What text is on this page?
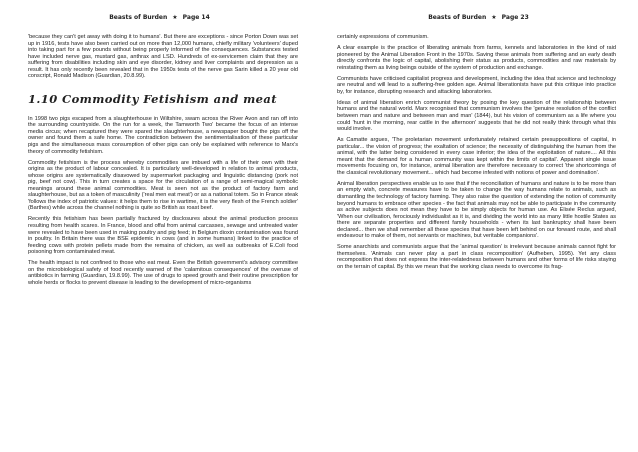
Beasts of Burden ★ Page 14

'because they can't get away with doing it to humans'. But there are exceptions - since Porton Down was set up in 1916, tests have also been carried out on more than 12,000 humans, chiefly military 'volunteers' duped into taking part for a few pounds without being properly informed of the consequences. Substances tested have included nerve gas, mustard gas, anthrax and LSD. Hundreds of ex-servicemen claim that they are suffering from disabilities including skin and eye disorder, kidney and liver complaints and depression as a result. It has only recently been revealed that in the 1950s tests of the nerve gas Sarin killed a 20 year old conscript, Ronald Madison (Guardian, 20.8.99).

1.10 Commodity Fetishism and meat

In 1998 two pigs escaped from a slaughterhouse in Wiltshire, swam across the River Avon and ran off into the surrounding countryside. On the run for a week, the Tamworth Two' became the focus of an intense media circus; when recaptured they were spared the slaughterhouse, a newspaper bought the pigs off the owner and found them a safe home. The contradiction between the sentimentalisation of these particular pigs and the simultaneous mass consumption of other pigs can only be explained with reference to Marx's theory of commodity fetishism.

Commodity fetishism is the process whereby commodities are imbued with a life of their own with their origins as the product of labour concealed. It is particularly well-developed in relation to animal products, whose origins are systematically disavowed by supermarket packaging and linguistic distancing (pork not pig, beef not cow). This in turn creates a space for the circulation of a range of semi-magical symbolic meanings around these animal commodities. Meat is seen not as the product of factory farm and slaughterhouse, but as a token of masculinity ('real men eat meat') or as a national totem. So in France steak 'follows the index of patriotic values: it helps them to rise in wartime, it is the very flesh of the French soldier' (Barthes) while across the channel nothing is quite so British as roast beef.

Recently this fetishism has been partially fractured by disclosures about the animal production process resulting from health scares. In France, blood and offal from animal carcasses, sewage and untreated water were revealed to have been used in making poultry and pig feed; in Belgium dioxin contamination was found in poultry. In Britain there was the BSE epidemic in cows (and in some humans) linked to the practice of feeding cows with protein pellets made from the remains of chicken, as well as outbreaks of E.Coli food poisoning from contaminated meat.

The health impact is not confined to those who eat meat. Even the British government's advisory committee on the microbiological safety of food recently warned of the 'calamitous consequences' of the overuse of antibiotics in farming (Guardian, 19.8.99). The use of drugs to speed growth and their routine prescription for whole herds or flocks to prevent disease is leading to the development of micro-organisms

Beasts of Burden ★ Page 23

certainly expressions of communism.

A clear example is the practice of liberating animals from farms, kennels and laboratories in the kind of raid pioneered by the Animal Liberation Front in the 1970s. Saving these animals from suffering and an early death directly confronts the logic of capital, abolishing their status as products, commodities and raw materials by reinstating them as living beings outside of the system of production and exchange.

Communists have criticised capitalist progress and development, including the idea that science and technology are neutral and will lead to a suffering-free golden age. Animal liberationists have put this critique into practice by, for instance, disrupting research and attacking laboratories.

Ideas of animal liberation enrich communist theory by posing the key question of the relationship between humans and the natural world. Marx recognised that communism involves the 'genuine resolution of the conflict between man and nature and between man and man' (1844), but his vision of communism as a life where you could 'hunt in the morning, rear cattle in the afternoon' suggests that he did not really think through what this would involve.

As Camatte argues, 'The proletarian movement unfortunately retained certain presuppositions of capital, in particular... the vision of progress; the exaltation of science; the necessity of distinguishing the human from the animal, with the latter being considered in every case inferior; the idea of the exploitation of nature.... All this meant that the demand for a human community was kept within the limits of capital'. Apparent single issue movements focusing on, for instance, animal liberation are therefore necessary to correct 'the shortcomings of the classical revolutionary movement... which had become infested with notions of power and domination'.

Animal liberation perspectives enable us to see that if the reconciliation of humans and nature is to be more than an empty wish, concrete measures have to be taken to change the way humans relate to animals, such as dismantling the technology of factory farming. They also raise the question of extending the notion of community beyond humans to embrace other species - the fact that animals may not be able to participate in the community as active subjects does not mean they have to be simply objects for human use. As Elisée Reclus argued, 'When our civilisation, ferociously individualist as it is, and dividing the world into as many little hostile States as there are separate properties and different family households - when its last bankruptcy shall have been declared... then we shall remember all these species that have been left behind on our forward route, and shall endeavour to make of them, not servants or machines, but veritable companions'.

Some anarchists and communists argue that the 'animal question' is irrelevant because animals cannot fight for themselves. 'Animals can never play a part in class recomposition' (Aufheben, 1995). Yet any class recomposition that does not express the inter-relatedness between humans and other forms of life risks staying on the terrain of capital. By this we mean that the working class needs to overcome its frag-
